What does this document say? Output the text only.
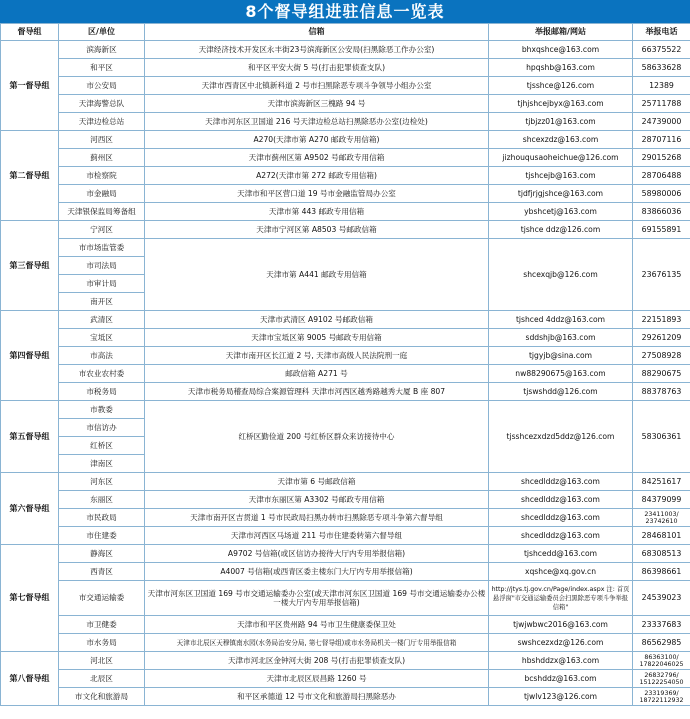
8个督导组进驻信息一览表
督导组	区/单位	信箱	举报邮箱/网站	举报电话
第一督导组	滨海新区	天津经济技术开发区永丰街23号滨海新区公安局(扫黑除恶工作办公室)	bhxqshce@163.com	66375522
	和平区	和平区平安大街 5 号(打击犯罪侦查支队)	hpqshb@163.com	58633628
	市公安局	天津市西青区中北镇新科道 2 号市扫黑除恶专项斗争领导小组办公室	tjsshce@126.com	12389
	天津海警总队	天津市滨海新区三槐路 94 号	tjhjshcejbyx@163.com	25711788
	天津边检总站	天津市河东区卫国道 216 号天津边检总站扫黑除恶办公室(边检处)	tjbjzz01@163.com	24739000
第二督导组	河西区	A270(天津市第 A270 邮政专用信箱)	shcexzdz@163.com	28707116
	蓟州区	天津市蓟州区第 A9502 号邮政专用信箱	jizhouqusaoheichue@126.com	29015268
	市检察院	A272(天津市第 272 邮政专用信箱)	tjshcejb@163.com	28706488
	市金融局	天津市和平区营口道 19 号市金融监管局办公室	tjdfjrjgjshce@163.com	58980006
	天津银保监局筹备组	天津市第 443 邮政专用信箱	ybshcetj@163.com	83866036
第三督导组	宁河区	天津市宁河区第 A8503 号邮政信箱	tjshce ddz@126.com	69155891
	市市场监管委	天津市第 A441 邮政专用信箱	shcexqjb@126.com	23676135
	市司法局			
	市审计局			
	南开区			
第四督导组	武清区	天津市武清区 A9102 号邮政信箱	tjshced 4ddz@163.com	22151893
	宝坻区	天津市宝坻区第 9005 号邮政专用信箱	sddshjb@163.com	29261209
	市高法	天津市南开区长江道 2 号, 天津市高级人民法院刑一庭	tjgyjb@sina.com	27508928
	市农业农村委	邮政信箱 A271 号	nw88290675@163.com	88290675
	市税务局	天津市税务局稽查局综合案源管理科 天津市河西区越秀路越秀大厦 B 座 807	tjswshdd@126.com	88378763
第五督导组	市教委	红桥区勤俭道 200 号红桥区群众来访接待中心	tjsshcezxdzd5ddz@126.com	58306361
	市信访办			
	红桥区			
	津南区			
第六督导组	河东区	天津市第 6 号邮政信箱	shcedlddz@163.com	84251617
	东丽区	天津市东丽区第 A3302 号邮政专用信箱	shcedlddz@163.com	84379099
	市民政局	天津市南开区吉贯道 1 号市民政局扫黑办转市扫黑除恶专项斗争第六督导组	shcedlddz@163.com	23411003/ 23742610
	市住建委	天津市河西区马场道 211 号市住建委转第六督导组	shcedlddz@163.com	28468101
第七督导组	静海区	A9702 号信箱(或区信访办接待大厅内专用举报信箱)	tjshcedd@163.com	68308513
	西青区	A4007 号信箱(或西青区委主楼东门大厅内专用举报信箱)	xqshce@xq.gov.cn	86398661
	市交通运输委	天津市河东区卫国道 169 号市交通运输委办公室(或天津市河东区卫国道 169 号市交通运输委办公楼一楼大厅内专用举报信箱)	http://jtys.tj.gov.cn/Page/index.aspx 注: 首页悬浮窗"市交通运输委员会扫黑除恶专项斗争举报信箱"	24539023
	市卫健委	天津市和平区贵州路 94 号市卫生健康委保卫处	tjwjwbwc2016@163.com	23337683
	市水务局	天津市北辰区天穆镇南水园(水务局治安分局, 第七督导组)或市水务局机关一楼门厅专用举报信箱	swshcezxdz@126.com	86562985
第八督导组	河北区	天津市河北区金钟河大街 208 号(打击犯罪侦查支队)	hbshddzx@163.com	86363100/ 17822046025
	北辰区	天津市北辰区辰昌路 1260 号	bcshddz@163.com	26832796/ 15122254050
	市文化和旅游局	和平区承德道 12 号市文化和旅游局扫黑除恶办	tjwlv123@126.com	23319369/ 18722112932
